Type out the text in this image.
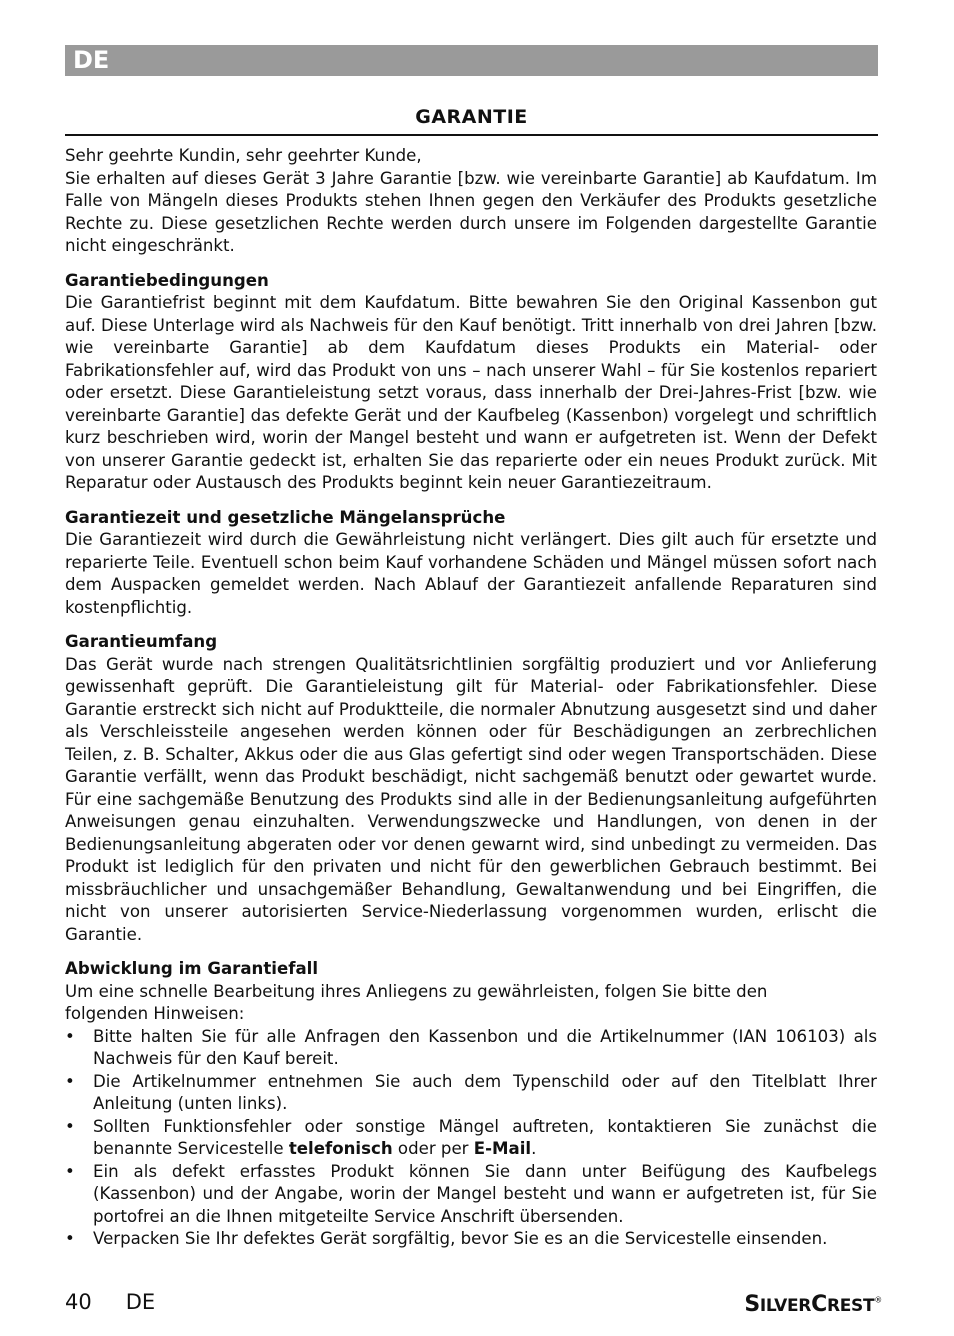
DE
GARANTIE

Sehr geehrte Kundin, sehr geehrter Kunde,

Sie erhalten auf dieses Gerät 3 Jahre Garantie [bzw. wie vereinbarte Garantie] ab Kaufdatum. Im Falle von Mängeln dieses Produkts stehen Ihnen gegen den Verkäufer des Produkts gesetzliche Rechte zu. Diese gesetzlichen Rechte werden durch unsere im Folgenden dargestellte Garantie nicht eingeschränkt.

Garantiebedingungen

Die Garantiefrist beginnt mit dem Kaufdatum. Bitte bewahren Sie den Original Kassenbon gut auf. Diese Unterlage wird als Nachweis für den Kauf benötigt. Tritt innerhalb von drei Jahren [bzw. wie vereinbarte Garantie] ab dem Kaufdatum dieses Produkts ein Material- oder Fabrikationsfehler auf, wird das Produkt von uns – nach unserer Wahl – für Sie kostenlos repariert oder ersetzt. Diese Garantieleistung setzt voraus, dass innerhalb der Drei-Jahres-Frist [bzw. wie vereinbarte Garantie] das defekte Gerät und der Kaufbeleg (Kassenbon) vorgelegt und schriftlich kurz beschrieben wird, worin der Mangel besteht und wann er aufgetreten ist. Wenn der Defekt von unserer Garantie gedeckt ist, erhalten Sie das reparierte oder ein neues Produkt zurück. Mit Reparatur oder Austausch des Produkts beginnt kein neuer Garantiezeitraum.

Garantiezeit und gesetzliche Mängelansprüche

Die Garantiezeit wird durch die Gewährleistung nicht verlängert. Dies gilt auch für ersetzte und reparierte Teile. Eventuell schon beim Kauf vorhandene Schäden und Mängel müssen sofort nach dem Auspacken gemeldet werden. Nach Ablauf der Garantiezeit anfallende Reparaturen sind kostenpflichtig.

Garantieumfang

Das Gerät wurde nach strengen Qualitätsrichtlinien sorgfältig produziert und vor Anlieferung gewissenhaft geprüft. Die Garantieleistung gilt für Material- oder Fabrikationsfehler. Diese Garantie erstreckt sich nicht auf Produktteile, die normaler Abnutzung ausgesetzt sind und daher als Verschleissteile angesehen werden können oder für Beschädigungen an zerbrechlichen Teilen, z. B. Schalter, Akkus oder die aus Glas gefertigt sind oder wegen Transportschäden. Diese Garantie verfällt, wenn das Produkt beschädigt, nicht sachgemäß benutzt oder gewartet wurde. Für eine sachgemäße Benutzung des Produkts sind alle in der Bedienungsanleitung aufgeführten Anweisungen genau einzuhalten. Verwendungszwecke und Handlungen, von denen in der Bedienungsanleitung abgeraten oder vor denen gewarnt wird, sind unbedingt zu vermeiden. Das Produkt ist lediglich für den privaten und nicht für den gewerblichen Gebrauch bestimmt. Bei missbräuchlicher und unsachgemäßer Behandlung, Gewaltanwendung und bei Eingriffen, die nicht von unserer autorisierten Service-Niederlassung vorgenommen wurden, erlischt die Garantie.

Abwicklung im Garantiefall

Um eine schnelle Bearbeitung ihres Anliegens zu gewährleisten, folgen Sie bitte den
folgenden Hinweisen:

• Bitte halten Sie für alle Anfragen den Kassenbon und die Artikelnummer (IAN 106103) als Nachweis für den Kauf bereit.
• Die Artikelnummer entnehmen Sie auch dem Typenschild oder auf den Titelblatt Ihrer Anleitung (unten links).
• Sollten Funktionsfehler oder sonstige Mängel auftreten, kontaktieren Sie zunächst die benannte Servicestelle telefonisch oder per E-Mail.
• Ein als defekt erfasstes Produkt können Sie dann unter Beifügung des Kaufbelegs (Kassenbon) und der Angabe, worin der Mangel besteht und wann er aufgetreten ist, für Sie portofrei an die Ihnen mitgeteilte Service Anschrift übersenden.
• Verpacken Sie Ihr defektes Gerät sorgfältig, bevor Sie es an die Servicestelle einsenden.
40 DE	SILVERCREST®
